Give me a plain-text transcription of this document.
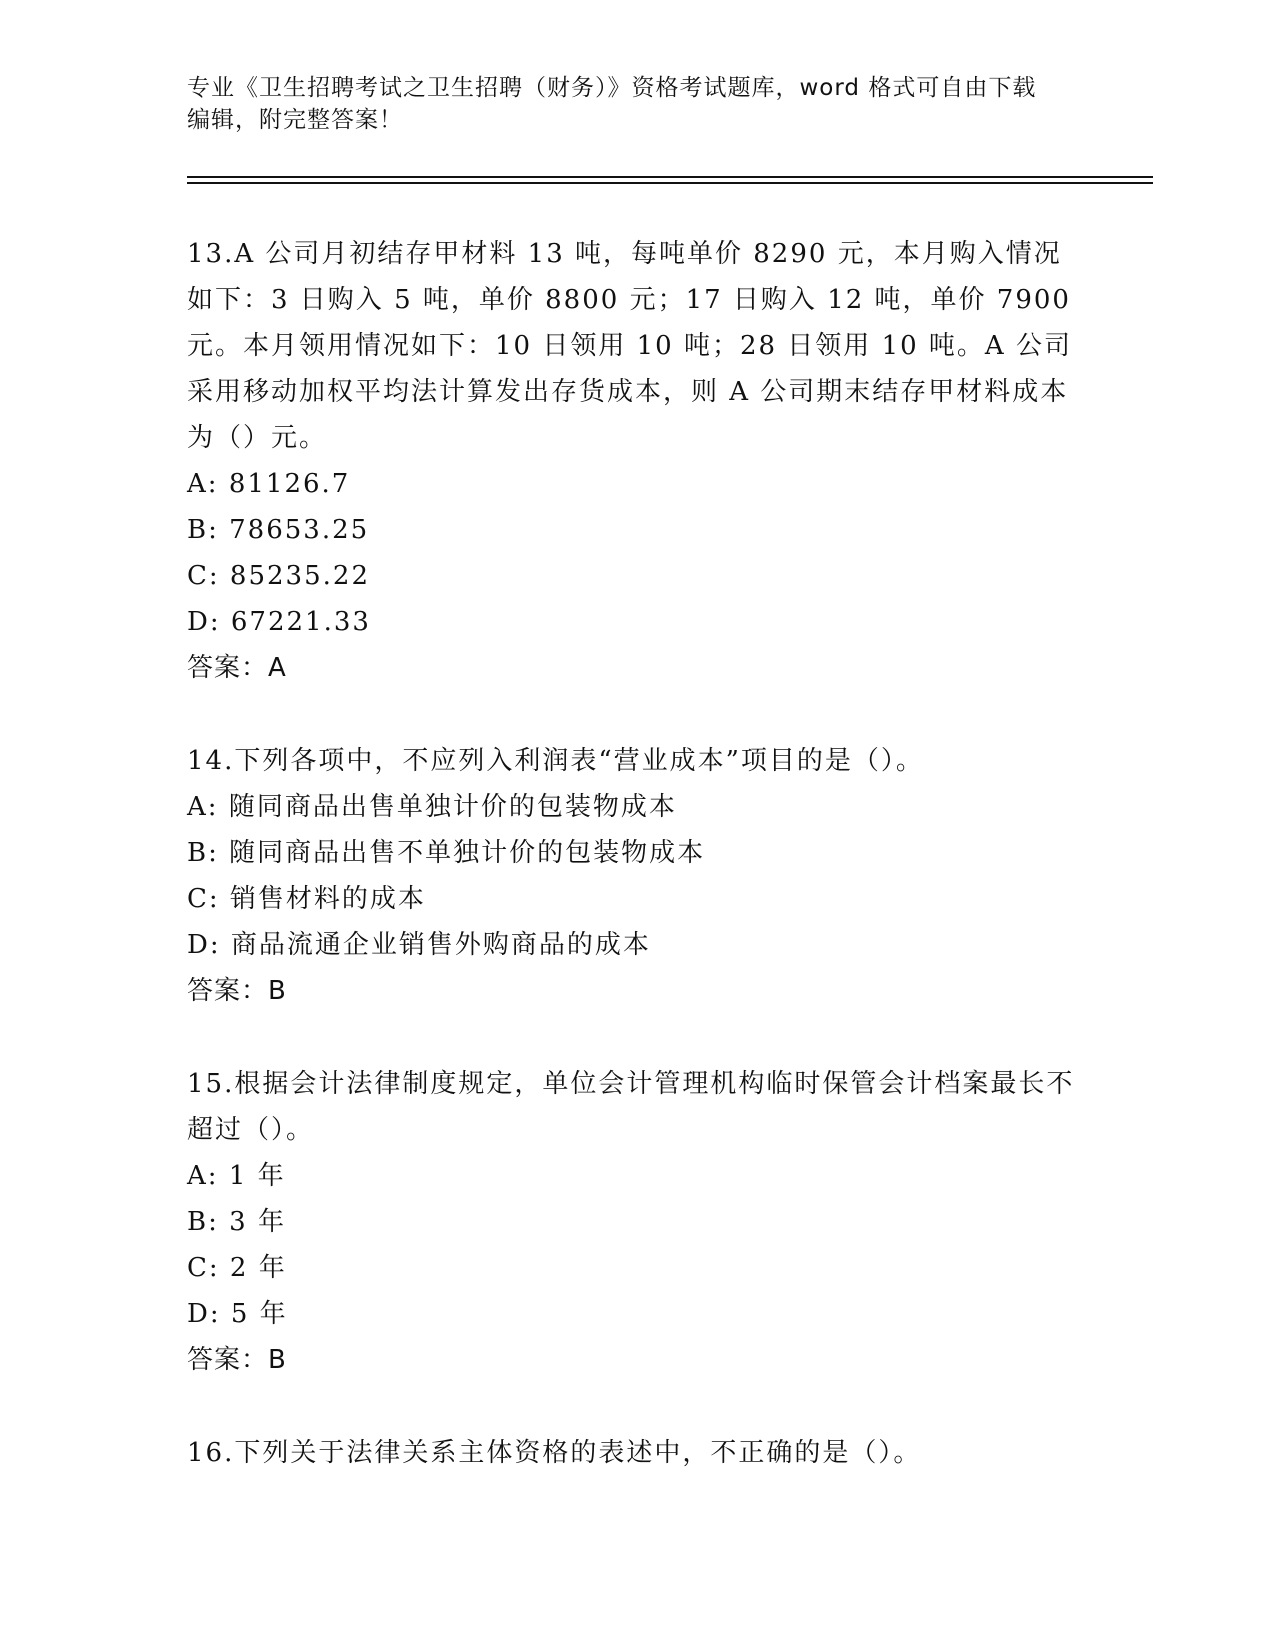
专业《卫生招聘考试之卫生招聘（财务）》资格考试题库，word 格式可自由下载
编辑，附完整答案！

13.A 公司月初结存甲材料 13 吨，每吨单价 8290 元，本月购入情况如下：3 日购入 5 吨，单价 8800 元；17 日购入 12 吨，单价 7900 元。本月领用情况如下：10 日领用 10 吨；28 日领用 10 吨。A 公司采用移动加权平均法计算发出存货成本，则 A 公司期末结存甲材料成本为（）元。

A: 81126.7
B: 78653.25
C: 85235.22
D: 67221.33
答案：A

14.下列各项中，不应列入利润表“营业成本”项目的是（）。

A: 随同商品出售单独计价的包装物成本
B: 随同商品出售不单独计价的包装物成本
C: 销售材料的成本
D: 商品流通企业销售外购商品的成本
答案：B

15.根据会计法律制度规定，单位会计管理机构临时保管会计档案最长不超过（）。

A: 1 年
B: 3 年
C: 2 年
D: 5 年
答案：B

16.下列关于法律关系主体资格的表述中，不正确的是（）。
